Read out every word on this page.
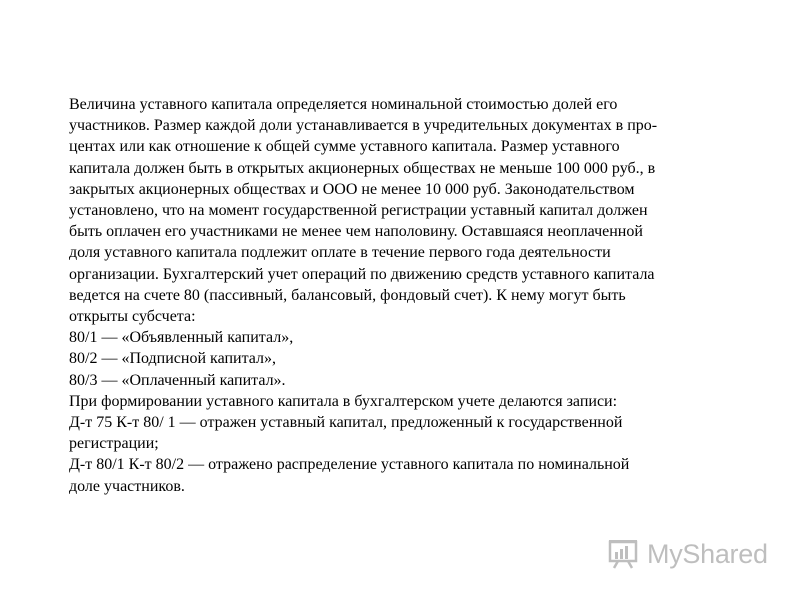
Величина уставного капитала определяется номинальной стоимостью долей его
участников. Размер каждой доли устанавливается в учредительных документах в про-
центах или как отношение к общей сумме уставного капитала. Размер уставного
капитала должен быть в открытых акционерных обществах не меньше 100 000 руб., в
закрытых акционерных обществах и ООО не менее 10 000 руб. Законодательством
установлено, что на момент государственной регистрации уставный капитал должен
быть оплачен его участниками не менее чем наполовину. Оставшаяся неоплаченной
доля уставного капитала подлежит оплате в течение первого года деятельности
организации. Бухгалтерский учет операций по движению средств уставного капитала
ведется на счете 80 (пассивный, балансовый, фондовый счет). К нему могут быть
открыты субсчета:
80/1 — «Объявленный капитал»,
80/2 — «Подписной капитал»,
80/3 — «Оплаченный капитал».
При формировании уставного капитала в бухгалтерском учете делаются записи:
Д-т 75 К-т 80/ 1 — отражен уставный капитал, предложенный к государственной
регистрации;
Д-т 80/1 К-т 80/2 — отражено распределение уставного капитала по номинальной
доле участников.
MyShared
